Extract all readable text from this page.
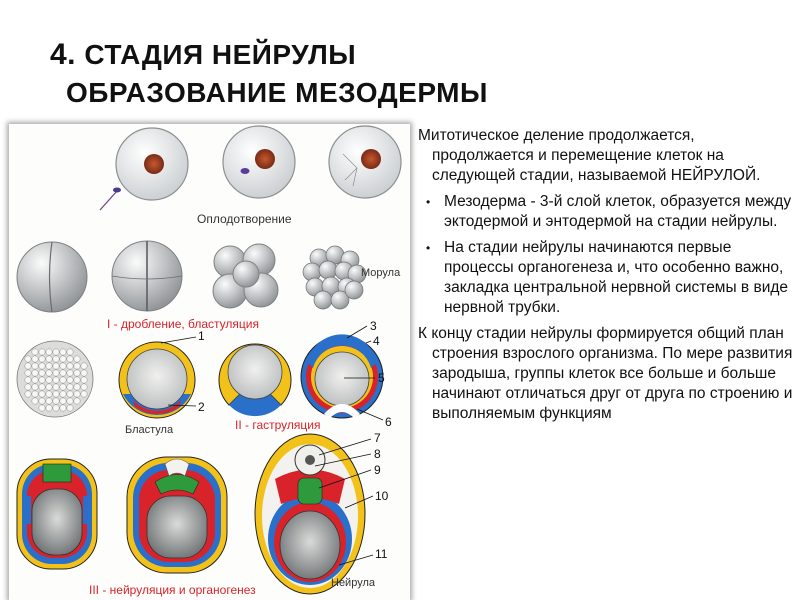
4. СТАДИЯ НЕЙРУЛЫ
ОБРАЗОВАНИЕ МЕЗОДЕРМЫ
Оплодотворение
Морула
I - дробление, бластуляция
1
2
3
4
5
6
Бластула	II - гаструляция
7
8
9
10
11
Нейрула
III - нейруляция и органогенез

Митотическое деление продолжается, продолжается и перемещение клеток на следующей стадии, называемой НЕЙРУЛОЙ.

• Мезодерма - 3-й слой клеток, образуется между эктодермой и энтодермой на стадии нейрулы.

• На стадии нейрулы начинаются первые процессы органогенеза и, что особенно важно, закладка центральной нервной системы в виде нервной трубки.

К концу стадии нейрулы формируется общий план строения взрослого организма. По мере развития зародыша, группы клеток все больше и больше начинают отличаться друг от друга по строению и выполняемым функциям
